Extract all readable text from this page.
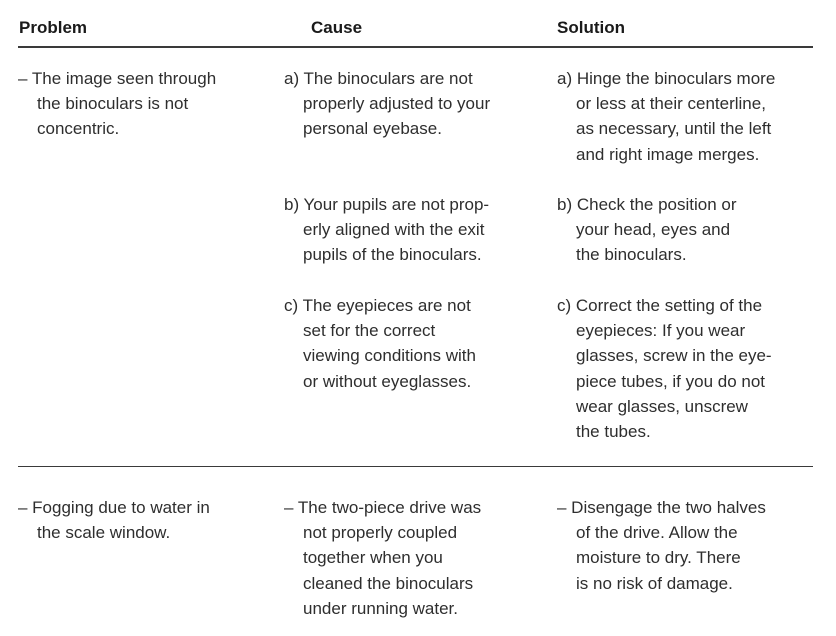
Problem	Cause	Solution
– The image seen through
the binoculars is not
concentric.
a) The binoculars are not
properly adjusted to your
personal eyebase.
b) Your pupils are not prop-
erly aligned with the exit
pupils of the binoculars.
c) The eyepieces are not
set for the correct
viewing conditions with
or without eyeglasses.
a) Hinge the binoculars more
or less at their centerline,
as necessary, until the left
and right image merges.
b) Check the position or
your head, eyes and
the binoculars.
c) Correct the setting of the
eyepieces: If you wear
glasses, screw in the eye-
piece tubes, if you do not
wear glasses, unscrew
the tubes.
– Fogging due to water in
the scale window.
– The two-piece drive was
not properly coupled
together when you
cleaned the binoculars
under running water.
– Disengage the two halves
of the drive. Allow the
moisture to dry. There
is no risk of damage.
